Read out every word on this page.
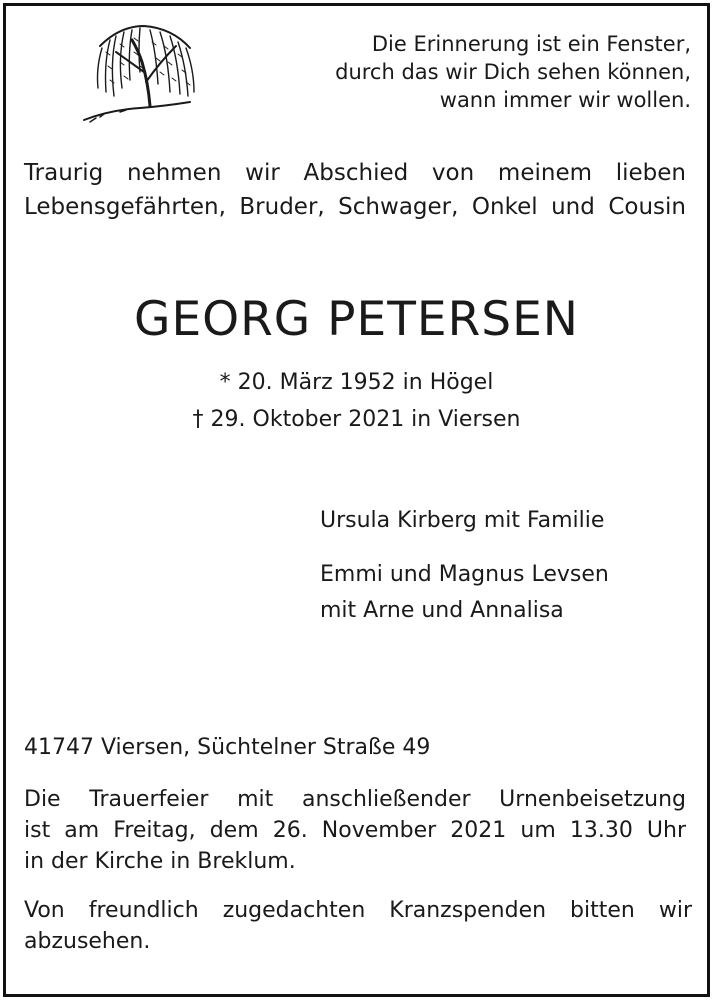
Die Erinnerung ist ein Fenster,
durch das wir Dich sehen können,
wann immer wir wollen.
Traurig nehmen wir Abschied von meinem lieben
Lebensgefährten, Bruder, Schwager, Onkel und Cousin
GEORG PETERSEN
* 20. März 1952 in Högel
† 29. Oktober 2021 in Viersen
Ursula Kirberg mit Familie
Emmi und Magnus Levsen
mit Arne und Annalisa
41747 Viersen, Süchtelner Straße 49
Die Trauerfeier mit anschließender Urnenbeisetzung
ist am Freitag, dem 26. November 2021 um 13.30 Uhr
in der Kirche in Breklum.
Von freundlich zugedachten Kranzspenden bitten wir
abzusehen.
